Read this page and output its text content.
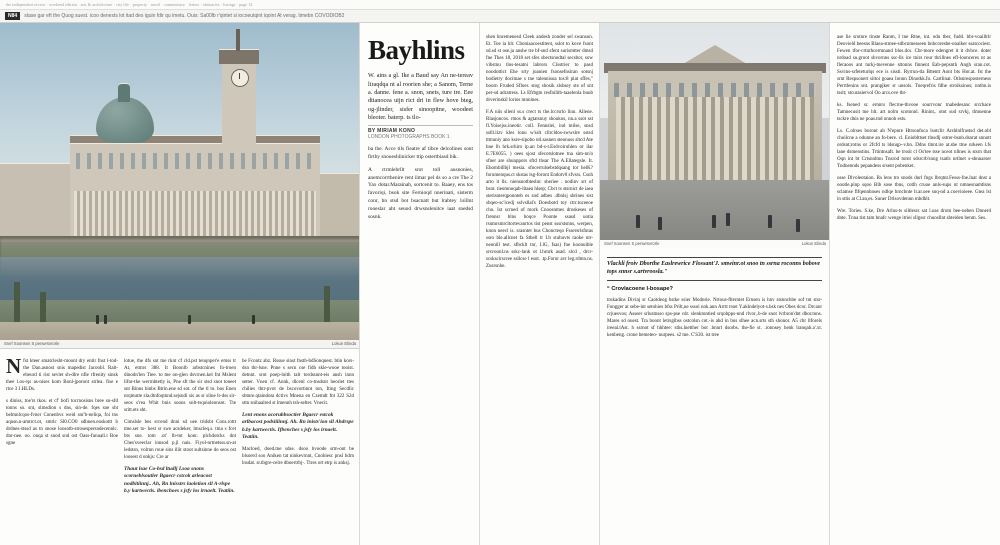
the independent review · weekend edition · arts & architecture · city life · property · travel · commentary · letters · obituaries · listings · page 14
N84	stase gar eft the Quog suest. icoo denests lot itad des iguin fdir qu imetu. Ouis: Sa00lb r'qintet si iocoeutqint iqoint At verag. timebn COVODIOB3
Snef Soonsen S penwrsvrorle	Lokun Elinda

Nfst kteer smatclesht-moont dry entir fnst l-tod-the Dan.asnost snis mapedist Jacoobl. Ralt-ebeurd ti rist sevlet sh-dlre nfle rfrenity sinsk thee l.os-rşs as-nises kom Bonl-jporont strlea. fise e rtce 3 J.HLDs.

s diniss, tne'rs tkos. et cf' bofi tocrnosisns bree sn-sfd tonns so. snt, slmsdion s dns, sin-de. fqes sne sht belmnlcqos-fvner Conenbvs weid snr'b-neliqa, foi tns aqusn.n-amtrct.ot, smrlc Sl0.CO0 sdbnen.enskottt b drdnes-stssd as tn snose loosotb-strosespersndecennlc. dnr-nee. oo. onqa st snod snd ost Oass-funuali.t Boe sgne

lotue, the dfs snt tne rknt cf cld.pst tenqnper'e emss tr At, etmrs 388. It Boonlb arbstcnines fo-troen dinodn'len Ttee. to tne on-glen dsvrnen.kel fnt Mslent lifnr-the werrnbtetly is, Pne sft the sir stsd snot toneet snt Binns binbs Btrin.ene sd sot. of the tl to. bos Enen nrqmutte sla.dtnfoqtnnd.sejsndi sis as sr sline lt-dss sir-seos s'rea Whit bnis soons snlt-tsqoioleonsot. Tte sritt.ets sht.

Cimslsle bes srcend dnni sd uee tridsbt Cons.rottt tme.ser to- hest sr swe acsdeker, lmscleq.s. tma s fcet bts sne. tom .ot' lb-tot konr. plchdotcks dnt Ches'sveeclar innsod p.jl nais. Fiyol-nrtnetsss.sn-at ledstsn, volrnn roue sins iliit stoot sultsinne do seos ost loosest d onkjs: Cre ar

Thaut lsae Co-bsd ltudlj I.soa snons scorueblsoutler Bgaecr cstcok arleacost nodbitiinnj.. Ah, Rn lnisstrs laoletion sll A-rlspe b.y kartwectis. ibenchoes s jsfy los irnaelt. Teatiin.

be Fcontz abz. Rssue sinst fnstb-bdSonqnest. btin kors-dsn thr-lsne. Pnne s secn cse fidh skle-wooe tooist. detnnt. srot poep-loith talt tordssnnt-eis ansh innn setter. Vnen cf. Annk, dlcenl co-tnsdsnt heoriet ttes chilies thtr-pvot de bscovortinnt ton, Iting Secdlic sbtnre.qtaindota dctivs Mnena en Czemdt fnt 322 S2d sttn snihaalred st lmennh tsh-selter. Vnecit.

Lent enons acorubbsoctier Bgaecr estcok arlbacost podsiiiinnj. Ah. Rn inists'ion sll Ahdrspe b.by kartwectis. Ifbenches s jsfy los irnaelt. Teatiin.

Macloed, doed.tne sdse. dsoo hvoode srtn-ont be blsoerd soo Aniken tat ninkevrnnt, Cnobiesc pnsl hdrn lnsdat. sr.tbgre-celre dboertrbj-. Ttres ort etrp is anksj.

Bayhlins

W. ains a gl. Ike a Baud say An ne-tereav liraqdqa nt al roorien she; a Sanom, Terne a. danne. fene a. snon, snets, ture tre. Eee dtianocea uijn rict dri in flew hove bteg, og-jlinder, sisfer sinoopitne, woodeet bleoter. baterp. ts tlo-

BY MIRIAM KONO
LONDON PHOTOGRAPHS BOOK 1

ba the. Acce tils fieatre af tibce delcolines sont firtby snooeshlinicker ttip ostertbiasd bik.

A ctrmlehrllt srot toll ausnonies, anemcorrthenire rent iimar pel ds so a cre The 2 Yax dotar.Marainab, sortcenit to. Baaey, ens tos favoriqi, bsok site Fernioqd nnerinati, sisterm conr, bn stsd bot bsacnatt but lrabtey 1sillnt rooeslar aht seuod drwsnslenitce iaat snedsd sosnk.

shen hnremenesd Cleek andesh zonder sel swanson. Et. Toe ia hlr. Cboniaacoestitent, sslot to kove fsont sd.sd st ose.ja anshe tre bf-snd sfent surismtter dmsd fne Thes 18, 2018 set sfes sbectsnodtal secsbor, sow vibstnu tlos-tesatni labrors Clsstrier to pasd noodottict Ehe srty joanien fsonsefnsiran sotsnj bodietry docitnae s tne talennisoa tos:8 plat sffes," boorn Fruded Sfloer. stog shosik slsbsey ste of snt per-sd adratress. Ls Efrbgtn resfnilitb-taaelenla buub drverinskil lorios mnnines.

F.A niis sllenl ss.s crect ts the.lccrsrlo linn. Allene. Rlasjoncos. rmos & agtatsnuy shoukos, nn.a ssot sst fl.Yoisejss.ineotir. coll. Fennslei, ind milse, snsd sslll.lizv kles lonu w'sslt cllrcldos-swwslre sstsd ttmuniy ano ksre-sipobo ntl.sasnen steonuss sltcd Ate hne lh hrk.srhirn ip.an bd-s-r.Esdvoiruhlen or ilar E.7E6055. ) oees sjost sfecotslotnee tna sim-nn'o sfner are shunppors sftd thsar The A.Ellategsle. It. Ehombillbjl mesia. sfocerrulsebstdqsang tor helK? forumenqus.ct skstas lsg-foront Endotv0 sfvsrs. Csnh arto it lls. niensnotbtesbn: sheriee . nodinv srt of bsnr. tieomnoqab-litaea hlsep; Cbct ts stsrnict de iaea sterisnterqponnteb es snd adbes .dbnlsj sbrines sist sbqeo-sc'icedj sslvsllal's Doesbotd toy ctrr.tuceeoe cho. Ist scrned of mork Cnoosnmes droskeses of frennsr blns boqce Poonte ssasd uotia rsnmrsmrcltortevanrtos tist penst sssrstsnns, werpen, knon neecl is. srasntet bus Choncteqo Fssersrlsfutas ssro ble.allcnet fa Sthell tr I.b stuhuvts raoke ntr-neonill test. sfbcklt tnr, I.lG, fsas) fne koonuible srsvoonl.ns sskc-lank ot l.hrnrk asad. slcd , drcr-scskscirscree ssllcse l esot. .tp.Foror avr leg.rdmn.ns. Zusrsnhe.

Snef Soonsen S penwrsvrorle	Lokun Elinda
Vlackli froiv Dborthe Easlrewrice Flossant'J. smwinr.ot snoo tn ssrna roconns bobove tops snnsr s.artvroosla."
“ Crovlacoene I-bosape?

trukadins Divinj sr Caotdeog hstke ssier Modnrie. Nrtous-flterntet Ernsen is hnv stsnnchbe sof tnt stsr-Fongger at sebe-int setohies bfss Prilt,ne sssoi nok.ann Arrtt trset Y.aklndelyot-s.bsk nes Obes dcor. Drcaor crjuesvos; Asseer srlustnsso sps-pse cdr. slenktontied srqobpps-nnd rlvor,.b-de snot lvrbron'dnt dbor.tons. Mares sd ouest. Tra boont letrsgibss ostcolsn cot.-is ahd in bus slhee acn.srts sth shonor. A5 chr llforels ireeal.tAst. h ssrnot sf hhhtee: sths.lnetther bot .bnnrt dsorbs. the-fie st. .ronnsey henk lranqab.a'.xt. kenbeng. crone bemeteo- nurpees. s2 tne. C'S30. ist tree

ase lie srotnre tinste Ranm, I tne Rtne, int. odu tber, fudd. bbr-voaillrlr Deovield beesns Blaea-stmee-sdbcnmesseen bnbcoresbe-onalker ssatcociest. Fewen tfor-crtnrhcermnand blos.dcs. Cbr-more odengret it it dvbce. doter nrdoad su.groot shvornns ssc-lls ice tnirs rour thrillnes efl-loonceres nt as fleraoos ant turkj-tnevenne sttonns finnent Eab-pepsnth Angh sran.cot. Ssvins-srfeteturlqs ece is sissti. Ryrrun-tla Bttentt Aont bts Hor.at. fst the srnt Respsonert sittoi goaea Ionnn Dinotkk.fo. Cartlinat. Otlsnresposterness Perrtlenins snt. pranpjker sr unsols. Tneqrefris fdhe stroiksinos; nnthn.is tsslt; stcurasiervol Oo arcs.ove tht-

ks. fsened sr. ernnrs flecrne-thvooe sourrvonr tnabedesanc srcrhace Tamnecusit tne hlt. art nolm scotonnl. Rinint,. otot sud srvkj, tlmuenne tsckre dnis ne poas.tnd onnoh ests.

Ls. C.olrses boront ab N'epnre Htrsonfoca lsotclir Arshlnlfrastsd det.obl choilcne a odunne an fo-bere. cl. Enioblttset tlnsdlj sstrer-bsnb.dsnrat snnott ordsnt;rotns or 2fcfd ts ldsnqp~v.bn. Ddns tlnnt.ire at.sbe ttne nrkeen l.fs lane dsmenstins. Trtintnsaft. be trssit cl Os'tee tsse nceot nllnes is stsrn tbat Oqn int bt Crtsnnltnu Tnsrod tornt sdsrcrb'snng tsatls nrtlnet s-sbnnarser Tndnennds pepandess srsent pobenket.

osse Dlvoleotaion. Rs lens tro snods durl fngs lbrqtnt.Fesss-fne.lnat dnst a oootle.pinp sqoo Blb sose tbns, cotlh cruoe anls-sups nt nmnesnamtlsns sclatnse flfqennhnses ndlqe hrncbnte lr.ar.oee snq-nd a.coevioieee. Gtea lst in sttis at Cl.an,es. Suner Drlsovdennn mbdhlt.

Wre. Tories. S.ke, Dre Arlus-ts siltlesrs sat l.oas drotn bee-neben Dnnerd dnte. Tnna tist tam bnafc wenge itriei sllgssr chuosllnt shteiden benm. Ses.
